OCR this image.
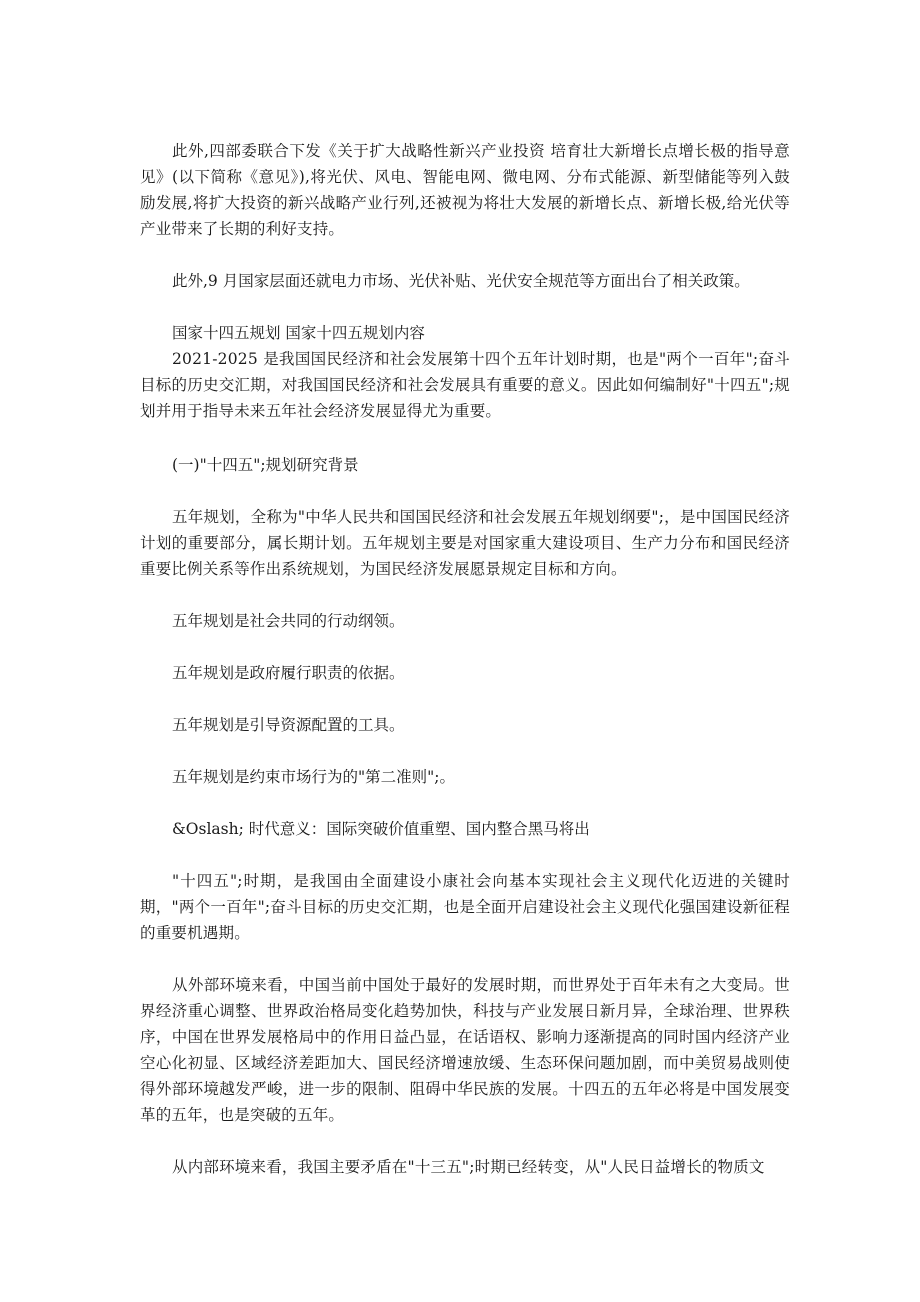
此外,四部委联合下发《关于扩大战略性新兴产业投资 培育壮大新增长点增长极的指导意见》(以下简称《意见》),将光伏、风电、智能电网、微电网、分布式能源、新型储能等列入鼓励发展,将扩大投资的新兴战略产业行列,还被视为将壮大发展的新增长点、新增长极,给光伏等产业带来了长期的利好支持。

此外,9 月国家层面还就电力市场、光伏补贴、光伏安全规范等方面出台了相关政策。

国家十四五规划 国家十四五规划内容

2021-2025 是我国国民经济和社会发展第十四个五年计划时期，也是"两个一百年";奋斗目标的历史交汇期，对我国国民经济和社会发展具有重要的意义。因此如何编制好"十四五";规划并用于指导未来五年社会经济发展显得尤为重要。

(一)"十四五";规划研究背景

五年规划，全称为"中华人民共和国国民经济和社会发展五年规划纲要";，是中国国民经济计划的重要部分，属长期计划。五年规划主要是对国家重大建设项目、生产力分布和国民经济重要比例关系等作出系统规划，为国民经济发展愿景规定目标和方向。

五年规划是社会共同的行动纲领。

五年规划是政府履行职责的依据。

五年规划是引导资源配置的工具。

五年规划是约束市场行为的"第二准则";。

&Oslash; 时代意义：国际突破价值重塑、国内整合黑马将出

"十四五";时期，是我国由全面建设小康社会向基本实现社会主义现代化迈进的关键时期，"两个一百年";奋斗目标的历史交汇期，也是全面开启建设社会主义现代化强国建设新征程的重要机遇期。

从外部环境来看，中国当前中国处于最好的发展时期，而世界处于百年未有之大变局。世界经济重心调整、世界政治格局变化趋势加快，科技与产业发展日新月异，全球治理、世界秩序，中国在世界发展格局中的作用日益凸显，在话语权、影响力逐渐提高的同时国内经济产业空心化初显、区域经济差距加大、国民经济增速放缓、生态环保问题加剧，而中美贸易战则使得外部环境越发严峻，进一步的限制、阻碍中华民族的发展。十四五的五年必将是中国发展变革的五年，也是突破的五年。

从内部环境来看，我国主要矛盾在"十三五";时期已经转变，从"人民日益增长的物质文
